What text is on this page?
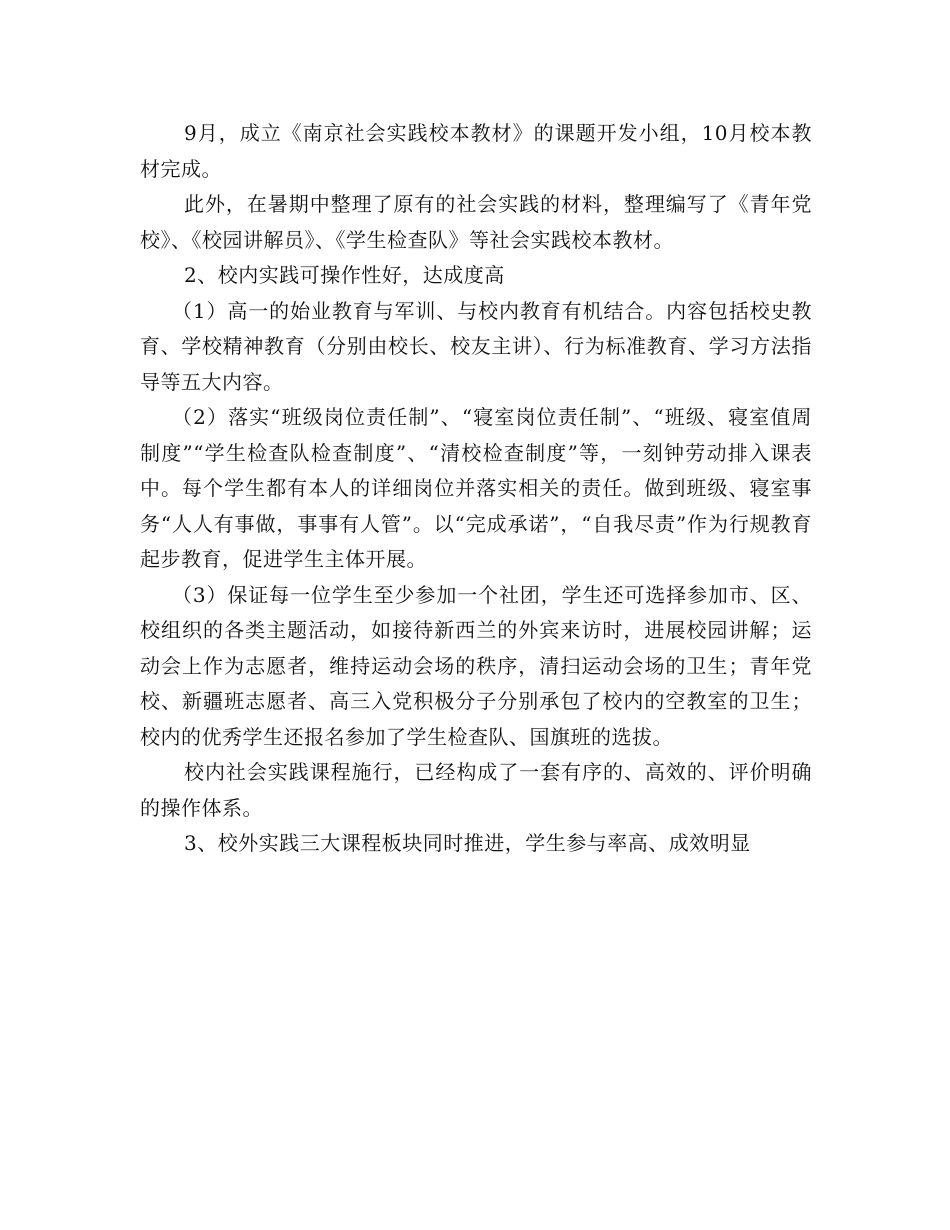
9月，成立《南京社会实践校本教材》的课题开发小组，10月校本教材完成。

此外，在暑期中整理了原有的社会实践的材料，整理编写了《青年党校》、《校园讲解员》、《学生检查队》等社会实践校本教材。

2、校内实践可操作性好，达成度高

（1）高一的始业教育与军训、与校内教育有机结合。内容包括校史教育、学校精神教育（分别由校长、校友主讲）、行为标准教育、学习方法指导等五大内容。

（2）落实“班级岗位责任制”、“寝室岗位责任制”、“班级、寝室值周制度”“学生检查队检查制度”、“清校检查制度”等，一刻钟劳动排入课表中。每个学生都有本人的详细岗位并落实相关的责任。做到班级、寝室事务“人人有事做，事事有人管”。以“完成承诺”，“自我尽责”作为行规教育起步教育，促进学生主体开展。

（3）保证每一位学生至少参加一个社团，学生还可选择参加市、区、校组织的各类主题活动，如接待新西兰的外宾来访时，进展校园讲解；运动会上作为志愿者，维持运动会场的秩序，清扫运动会场的卫生；青年党校、新疆班志愿者、高三入党积极分子分别承包了校内的空教室的卫生；校内的优秀学生还报名参加了学生检查队、国旗班的选拔。

校内社会实践课程施行，已经构成了一套有序的、高效的、评价明确的操作体系。

3、校外实践三大课程板块同时推进，学生参与率高、成效明显
